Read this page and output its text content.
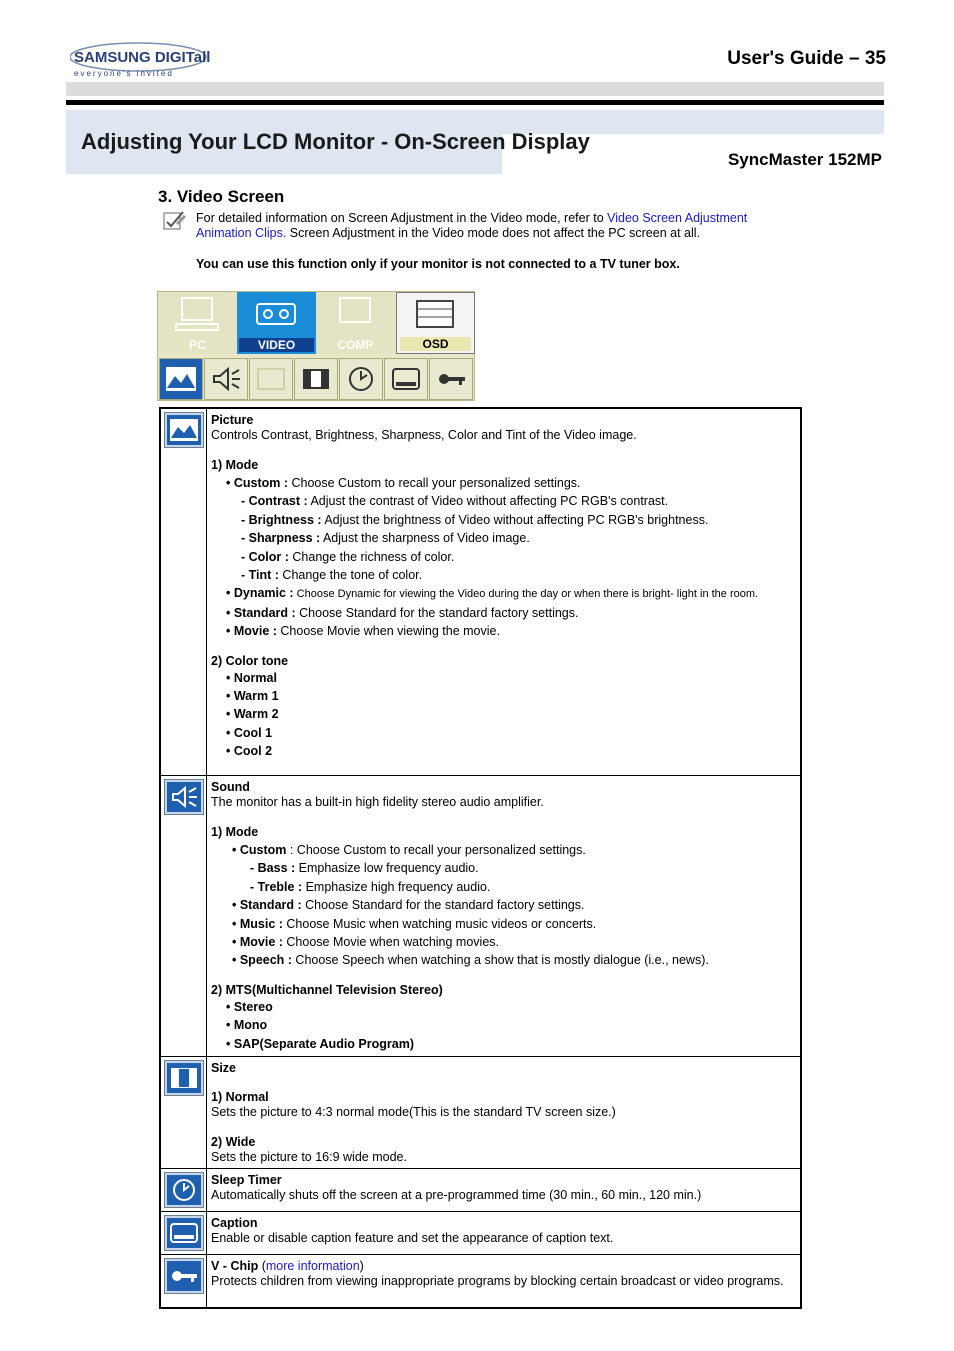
SAMSUNG DIGITall
everyone's invited
User's Guide – 35
Adjusting Your LCD Monitor - On-Screen Display
SyncMaster 152MP
3. Video Screen
For detailed information on Screen Adjustment in the Video mode, refer to Video Screen Adjustment Animation Clips. Screen Adjustment in the Video mode does not affect the PC screen at all.
You can use this function only if your monitor is not connected to a TV tuner box.
PC	VIDEO	COMP	OSD
Picture
Controls Contrast, Brightness, Sharpness, Color and Tint of the Video image.
1) Mode
• Custom : Choose Custom to recall your personalized settings.
- Contrast : Adjust the contrast of Video without affecting PC RGB's contrast.
- Brightness : Adjust the brightness of Video without affecting PC RGB's brightness.
- Sharpness : Adjust the sharpness of Video image.
- Color : Change the richness of color.
- Tint : Change the tone of color.
• Dynamic : Choose Dynamic for viewing the Video during the day or when there is bright- light in the room.
• Standard : Choose Standard for the standard factory settings.
• Movie : Choose Movie when viewing the movie.
2) Color tone
• Normal
• Warm 1
• Warm 2
• Cool 1
• Cool 2
Sound
The monitor has a built-in high fidelity stereo audio amplifier.
1) Mode
• Custom : Choose Custom to recall your personalized settings.
- Bass : Emphasize low frequency audio.
- Treble : Emphasize high frequency audio.
• Standard : Choose Standard for the standard factory settings.
• Music : Choose Music when watching music videos or concerts.
• Movie : Choose Movie when watching movies.
• Speech : Choose Speech when watching a show that is mostly dialogue (i.e., news).
2) MTS(Multichannel Television Stereo)
• Stereo
• Mono
• SAP(Separate Audio Program)
Size
1) Normal
Sets the picture to 4:3 normal mode(This is the standard TV screen size.)
2) Wide
Sets the picture to 16:9 wide mode.
Sleep Timer
Automatically shuts off the screen at a pre-programmed time (30 min., 60 min., 120 min.)
Caption
Enable or disable caption feature and set the appearance of caption text.
V - Chip (more information)
Protects children from viewing inappropriate programs by blocking certain broadcast or video programs.
